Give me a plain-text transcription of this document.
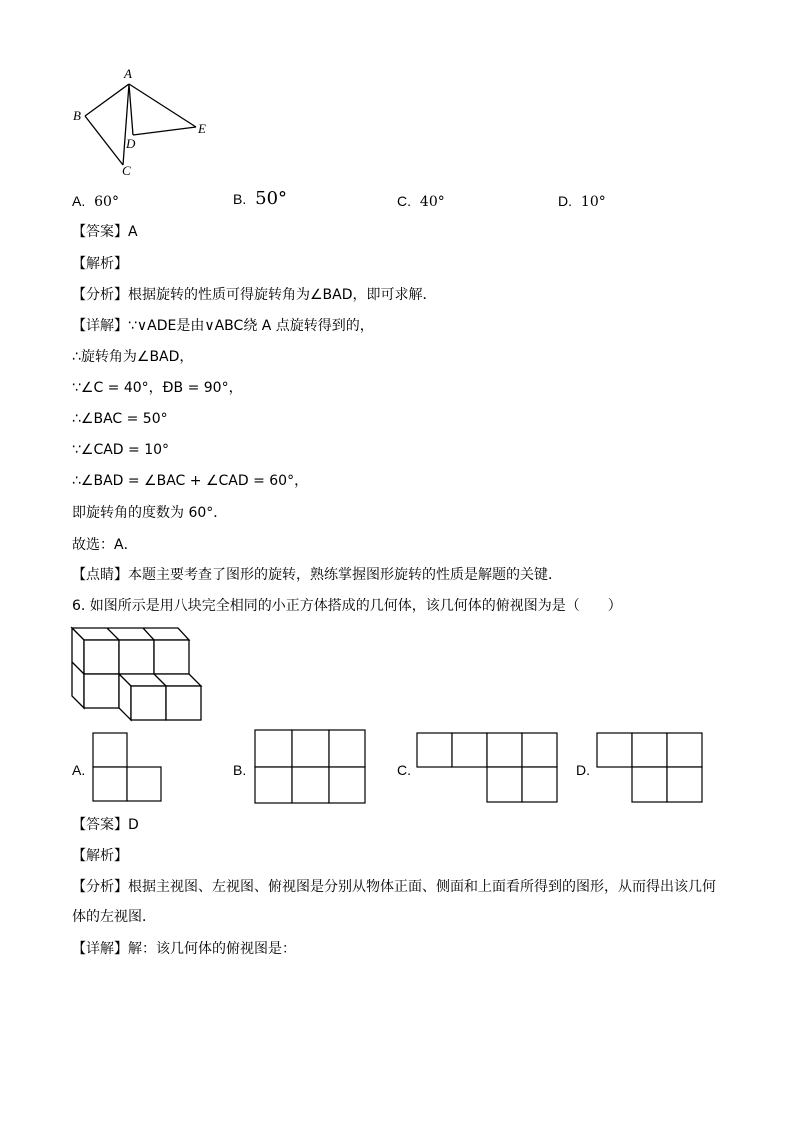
A
B
D
E
C
A. 60°	B. 50°	C. 40°	D. 10°
【答案】A
【解析】
【分析】根据旋转的性质可得旋转角为∠BAD，即可求解．
【详解】∵∨ADE是由∨ABC绕 A 点旋转得到的，
∴旋转角为∠BAD，
∵∠C = 40°，ÐB = 90°，
∴∠BAC = 50°
∵∠CAD = 10°
∴∠BAD = ∠BAC + ∠CAD = 60°，
即旋转角的度数为 60°．
故选：A．
【点睛】本题主要考查了图形的旋转，熟练掌握图形旋转的性质是解题的关键．
6. 如图所示是用八块完全相同的小正方体搭成的几何体，该几何体的俯视图为是（　　）
A.	B.	C.	D.
【答案】D
【解析】
【分析】根据主视图、左视图、俯视图是分别从物体正面、侧面和上面看所得到的图形，从而得出该几何
体的左视图．
【详解】解：该几何体的俯视图是：
